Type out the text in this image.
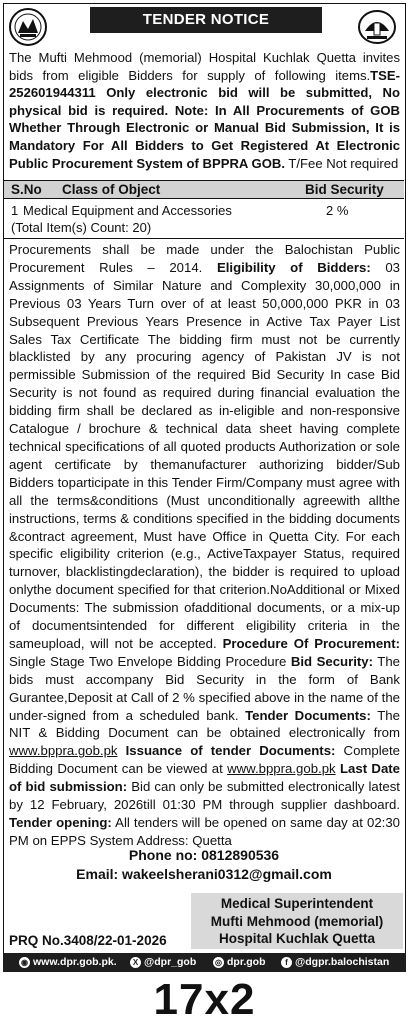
TENDER NOTICE
The Mufti Mehmood (memorial) Hospital Kuchlak Quetta invites bids from eligible Bidders for supply of following items.TSE-252601944311 Only electronic bid will be submitted, No physical bid is required. Note: In All Procurements of GOB Whether Through Electronic or Manual Bid Submission, It is Mandatory For All Bidders to Get Registered At Electronic Public Procurement System of BPPRA GOB. T/Fee Not required
S.No Class of Object	Bid Security
1 Medical Equipment and Accessories	2 %
(Total Item(s) Count: 20)
Procurements shall be made under the Balochistan Public Procurement Rules – 2014. Eligibility of Bidders: 03 Assignments of Similar Nature and Complexity 30,000,000 in Previous 03 Years Turn over of at least 50,000,000 PKR in 03 Subsequent Previous Years Presence in Active Tax Payer List Sales Tax Certificate The bidding firm must not be currently blacklisted by any procuring agency of Pakistan JV is not permissible Submission of the required Bid Security In case Bid Security is not found as required during financial evaluation the bidding firm shall be declared as in-eligible and non-responsive Catalogue / brochure & technical data sheet having complete technical specifications of all quoted products Authorization or sole agent certificate by themanufacturer authorizing bidder/Sub Bidders toparticipate in this Tender Firm/Company must agree with all the terms&conditions (Must unconditionally agreewith allthe instructions, terms & conditions specified in the bidding documents &contract agreement, Must have Office in Quetta City. For each specific eligibility criterion (e.g., ActiveTaxpayer Status, required turnover, blacklistingdeclaration), the bidder is required to upload onlythe document specified for that criterion.NoAdditional or Mixed Documents: The submission ofadditional documents, or a mix-up of documentsintended for different eligibility criteria in the sameupload, will not be accepted. Procedure Of Procurement: Single Stage Two Envelope Bidding Procedure Bid Security: The bids must accompany Bid Security in the form of Bank Gurantee,Deposit at Call of 2 % specified above in the name of the under-signed from a scheduled bank. Tender Documents: The NIT & Bidding Document can be obtained electronically from www.bppra.gob.pk Issuance of tender Documents: Complete Bidding Document can be viewed at www.bppra.gob.pk Last Date of bid submission: Bid can only be submitted electronically latest by 12 February, 2026till 01:30 PM through supplier dashboard. Tender opening: All tenders will be opened on same day at 02:30 PM on EPPS System Address: Quetta
Phone no: 0812890536
Email: wakeelsherani0312@gmail.com
Medical Superintendent
Mufti Mehmood (memorial)
Hospital Kuchlak Quetta
PRQ No.3408/22-01-2026
◉ www.dpr.gob.pk.	X @dpr_gob ◎ dpr.gob	f @dgpr.balochistan
17x2
